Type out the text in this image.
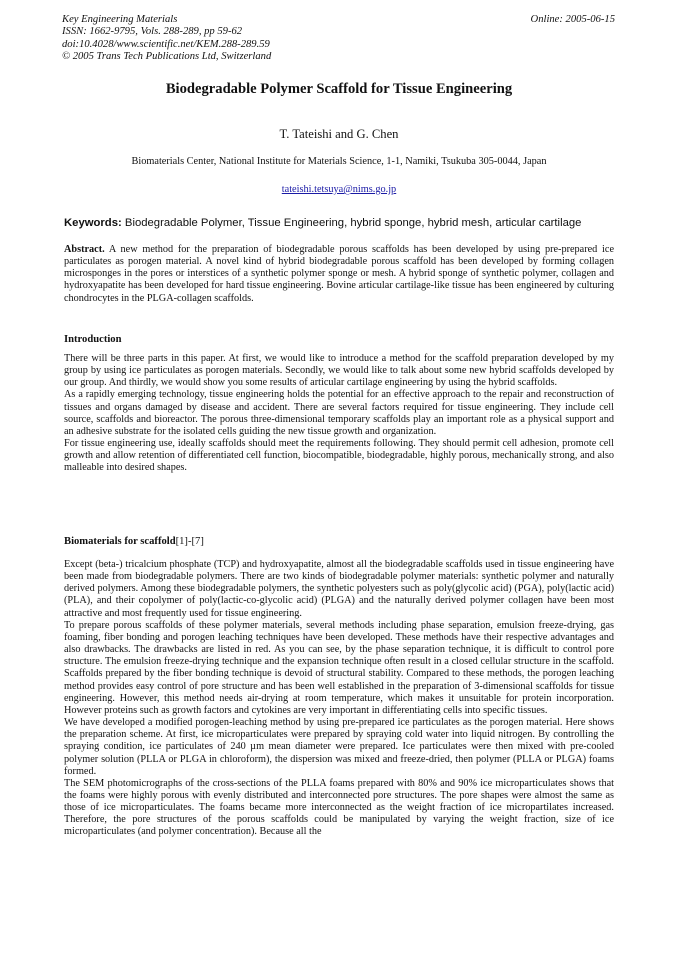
Key Engineering Materials
ISSN: 1662-9795, Vols. 288-289, pp 59-62
doi:10.4028/www.scientific.net/KEM.288-289.59
© 2005 Trans Tech Publications Ltd, Switzerland
Online: 2005-06-15
Biodegradable Polymer Scaffold for Tissue Engineering
T. Tateishi and G. Chen
Biomaterials Center, National Institute for Materials Science, 1-1, Namiki, Tsukuba 305-0044, Japan
tateishi.tetsuya@nims.go.jp
Keywords: Biodegradable Polymer, Tissue Engineering, hybrid sponge, hybrid mesh, articular cartilage

Abstract. A new method for the preparation of biodegradable porous scaffolds has been developed by using pre-prepared ice particulates as porogen material. A novel kind of hybrid biodegradable porous scaffold has been developed by forming collagen microsponges in the pores or interstices of a synthetic polymer sponge or mesh. A hybrid sponge of synthetic polymer, collagen and hydroxyapatite has been developed for hard tissue engineering. Bovine articular cartilage-like tissue has been engineered by culturing chondrocytes in the PLGA-collagen scaffolds.

Introduction

There will be three parts in this paper. At first, we would like to introduce a method for the scaffold preparation developed by my group by using ice particulates as porogen materials. Secondly, we would like to talk about some new hybrid scaffolds developed by our group. And thirdly, we would show you some results of articular cartilage engineering by using the hybrid scaffolds.

As a rapidly emerging technology, tissue engineering holds the potential for an effective approach to the repair and reconstruction of tissues and organs damaged by disease and accident. There are several factors required for tissue engineering. They include cell source, scaffolds and bioreactor. The porous three-dimensional temporary scaffolds play an important role as a physical support and an adhesive substrate for the isolated cells guiding the new tissue growth and organization.

For tissue engineering use, ideally scaffolds should meet the requirements following. They should permit cell adhesion, promote cell growth and allow retention of differentiated cell function, biocompatible, biodegradable, highly porous, mechanically strong, and also malleable into desired shapes.

Biomaterials for scaffold[1]-[7]

Except (beta-) tricalcium phosphate (TCP) and hydroxyapatite, almost all the biodegradable scaffolds used in tissue engineering have been made from biodegradable polymers. There are two kinds of biodegradable polymer materials: synthetic polymer and naturally derived polymers. Among these biodegradable polymers, the synthetic polyesters such as poly(glycolic acid) (PGA), poly(lactic acid) (PLA), and their copolymer of poly(lactic-co-glycolic acid) (PLGA) and the naturally derived polymer collagen have been most attractive and most frequently used for tissue engineering.

To prepare porous scaffolds of these polymer materials, several methods including phase separation, emulsion freeze-drying, gas foaming, fiber bonding and porogen leaching techniques have been developed. These methods have their respective advantages and also drawbacks. The drawbacks are listed in red. As you can see, by the phase separation technique, it is difficult to control pore structure. The emulsion freeze-drying technique and the expansion technique often result in a closed cellular structure in the scaffold. Scaffolds prepared by the fiber bonding technique is devoid of structural stability. Compared to these methods, the porogen leaching method provides easy control of pore structure and has been well established in the preparation of 3-dimensional scaffolds for tissue engineering. However, this method needs air-drying at room temperature, which makes it unsuitable for protein incorporation. However proteins such as growth factors and cytokines are very important in differentiating cells into specific tissues.

We have developed a modified porogen-leaching method by using pre-prepared ice particulates as the porogen material. Here shows the preparation scheme. At first, ice microparticulates were prepared by spraying cold water into liquid nitrogen. By controlling the spraying condition, ice particulates of 240 µm mean diameter were prepared. Ice particulates were then mixed with pre-cooled polymer solution (PLLA or PLGA in chloroform), the dispersion was mixed and freeze-dried, then polymer (PLLA or PLGA) foams formed.

The SEM photomicrographs of the cross-sections of the PLLA foams prepared with 80% and 90% ice microparticulates shows that the foams were highly porous with evenly distributed and interconnected pore structures. The pore shapes were almost the same as those of ice microparticulates. The foams became more interconnected as the weight fraction of ice micropartilates increased. Therefore, the pore structures of the porous scaffolds could be manipulated by varying the weight fraction, size of ice microparticulates (and polymer concentration). Because all the
